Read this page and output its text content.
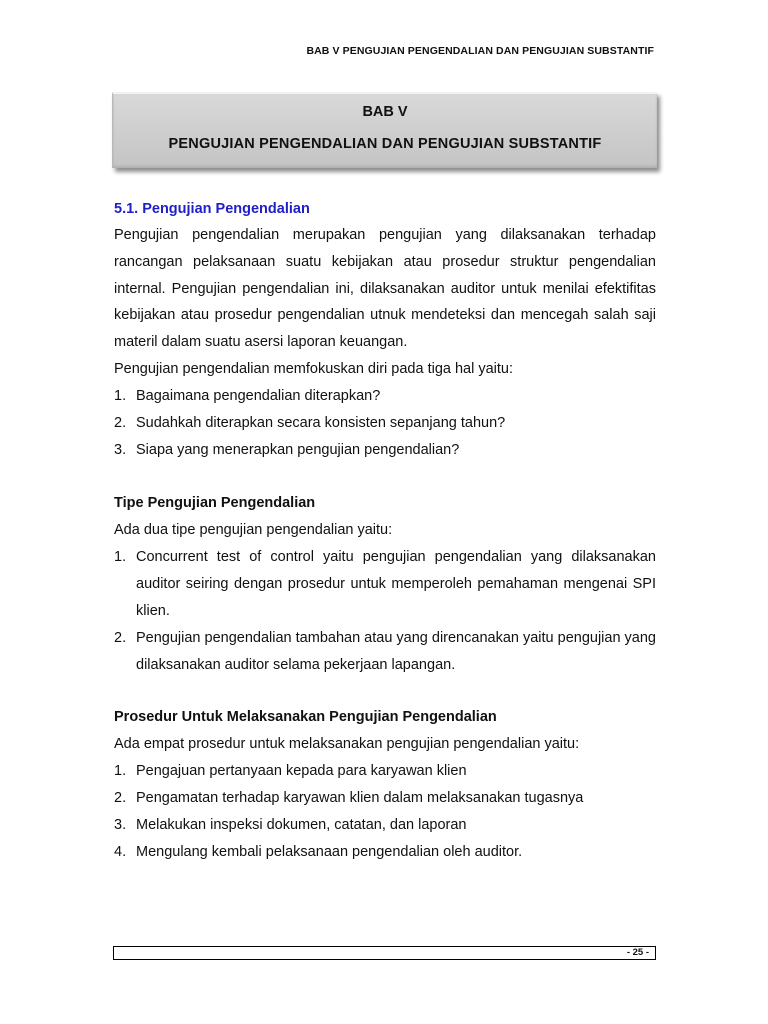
BAB V PENGUJIAN PENGENDALIAN DAN PENGUJIAN SUBSTANTIF
BAB V
PENGUJIAN PENGENDALIAN DAN PENGUJIAN SUBSTANTIF
5.1. Pengujian Pengendalian

Pengujian pengendalian merupakan pengujian yang dilaksanakan terhadap rancangan pelaksanaan suatu kebijakan atau prosedur struktur pengendalian internal. Pengujian pengendalian ini, dilaksanakan auditor untuk menilai efektifitas kebijakan atau prosedur pengendalian utnuk mendeteksi dan mencegah salah saji materil dalam suatu asersi laporan keuangan.

Pengujian pengendalian memfokuskan diri pada tiga hal yaitu:

1. Bagaimana pengendalian diterapkan?
2. Sudahkah diterapkan secara konsisten sepanjang tahun?
3. Siapa yang menerapkan pengujian pengendalian?
Tipe Pengujian Pengendalian

Ada dua tipe pengujian pengendalian yaitu:

1. Concurrent test of control yaitu pengujian pengendalian yang dilaksanakan auditor seiring dengan prosedur untuk memperoleh pemahaman mengenai SPI klien.
2. Pengujian pengendalian tambahan atau yang direncanakan yaitu pengujian yang dilaksanakan auditor selama pekerjaan lapangan.
Prosedur Untuk Melaksanakan Pengujian Pengendalian

Ada empat prosedur untuk melaksanakan pengujian pengendalian yaitu:

1. Pengajuan pertanyaan kepada para karyawan klien
2. Pengamatan terhadap karyawan klien dalam melaksanakan tugasnya
3. Melakukan inspeksi dokumen, catatan, dan laporan
4. Mengulang kembali pelaksanaan pengendalian oleh auditor.
- 25 -
